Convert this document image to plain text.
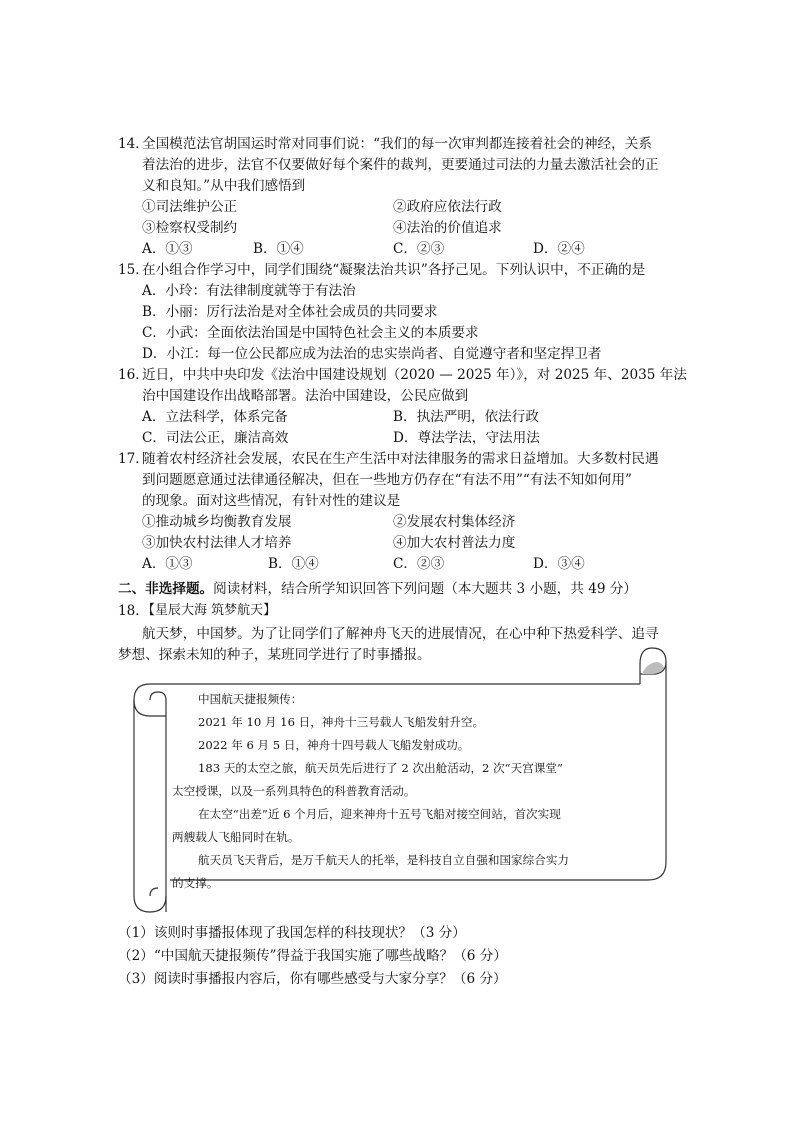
14．
全国模范法官胡国运时常对同事们说：“我们的每一次审判都连接着社会的神经，关系
着法治的进步，法官不仅要做好每个案件的裁判，更要通过司法的力量去激活社会的正
义和良知。”从中我们感悟到
①司法维护公正	②政府应依法行政
③检察权受制约	④法治的价值追求
A．①③	B．①④	C．②③	D．②④
15．
在小组合作学习中，同学们围绕“凝聚法治共识”各抒己见。下列认识中，不正确的是
A．小玲：有法律制度就等于有法治
B．小丽：厉行法治是对全体社会成员的共同要求
C．小武：全面依法治国是中国特色社会主义的本质要求
D．小江：每一位公民都应成为法治的忠实崇尚者、自觉遵守者和坚定捍卫者
16．
近日，中共中央印发《法治中国建设规划（2020 — 2025 年）》，对 2025 年、2035 年法
治中国建设作出战略部署。法治中国建设，公民应做到
A．立法科学，体系完备	B．执法严明，依法行政
C．司法公正，廉洁高效	D．尊法学法，守法用法
17．
随着农村经济社会发展，农民在生产生活中对法律服务的需求日益增加。大多数村民遇
到问题愿意通过法律通径解决，但在一些地方仍存在“有法不用”“有法不知如何用”
的现象。面对这些情况，有针对性的建议是
①推动城乡均衡教育发展	②发展农村集体经济
③加快农村法律人才培养	④加大农村普法力度
A．①③	B．①④	C．②③	D．③④
二、非选择题。阅读材料，结合所学知识回答下列问题（本大题共 3 小题，共 49 分）
18．
【星辰大海 筑梦航天】
航天梦，中国梦。为了让同学们了解神舟飞天的进展情况，在心中种下热爱科学、追寻
梦想、探索未知的种子，某班同学进行了时事播报。
中国航天捷报频传：
2021 年 10 月 16 日，神舟十三号载人飞船发射升空。
2022 年 6 月 5 日，神舟十四号载人飞船发射成功。
183 天的太空之旅，航天员先后进行了 2 次出舱活动，2 次“天宫课堂”
太空授课，以及一系列具特色的科普教育活动。
在太空“出差”近 6 个月后，迎来神舟十五号飞船对接空间站，首次实现
两艘载人飞船同时在轨。
航天员飞天背后，是万千航天人的托举，是科技自立自强和国家综合实力
的支撑。
（1）该则时事播报体现了我国怎样的科技现状？（3 分）
（2）“中国航天捷报频传”得益于我国实施了哪些战略？（6 分）
（3）阅读时事播报内容后，你有哪些感受与大家分享？（6 分）
